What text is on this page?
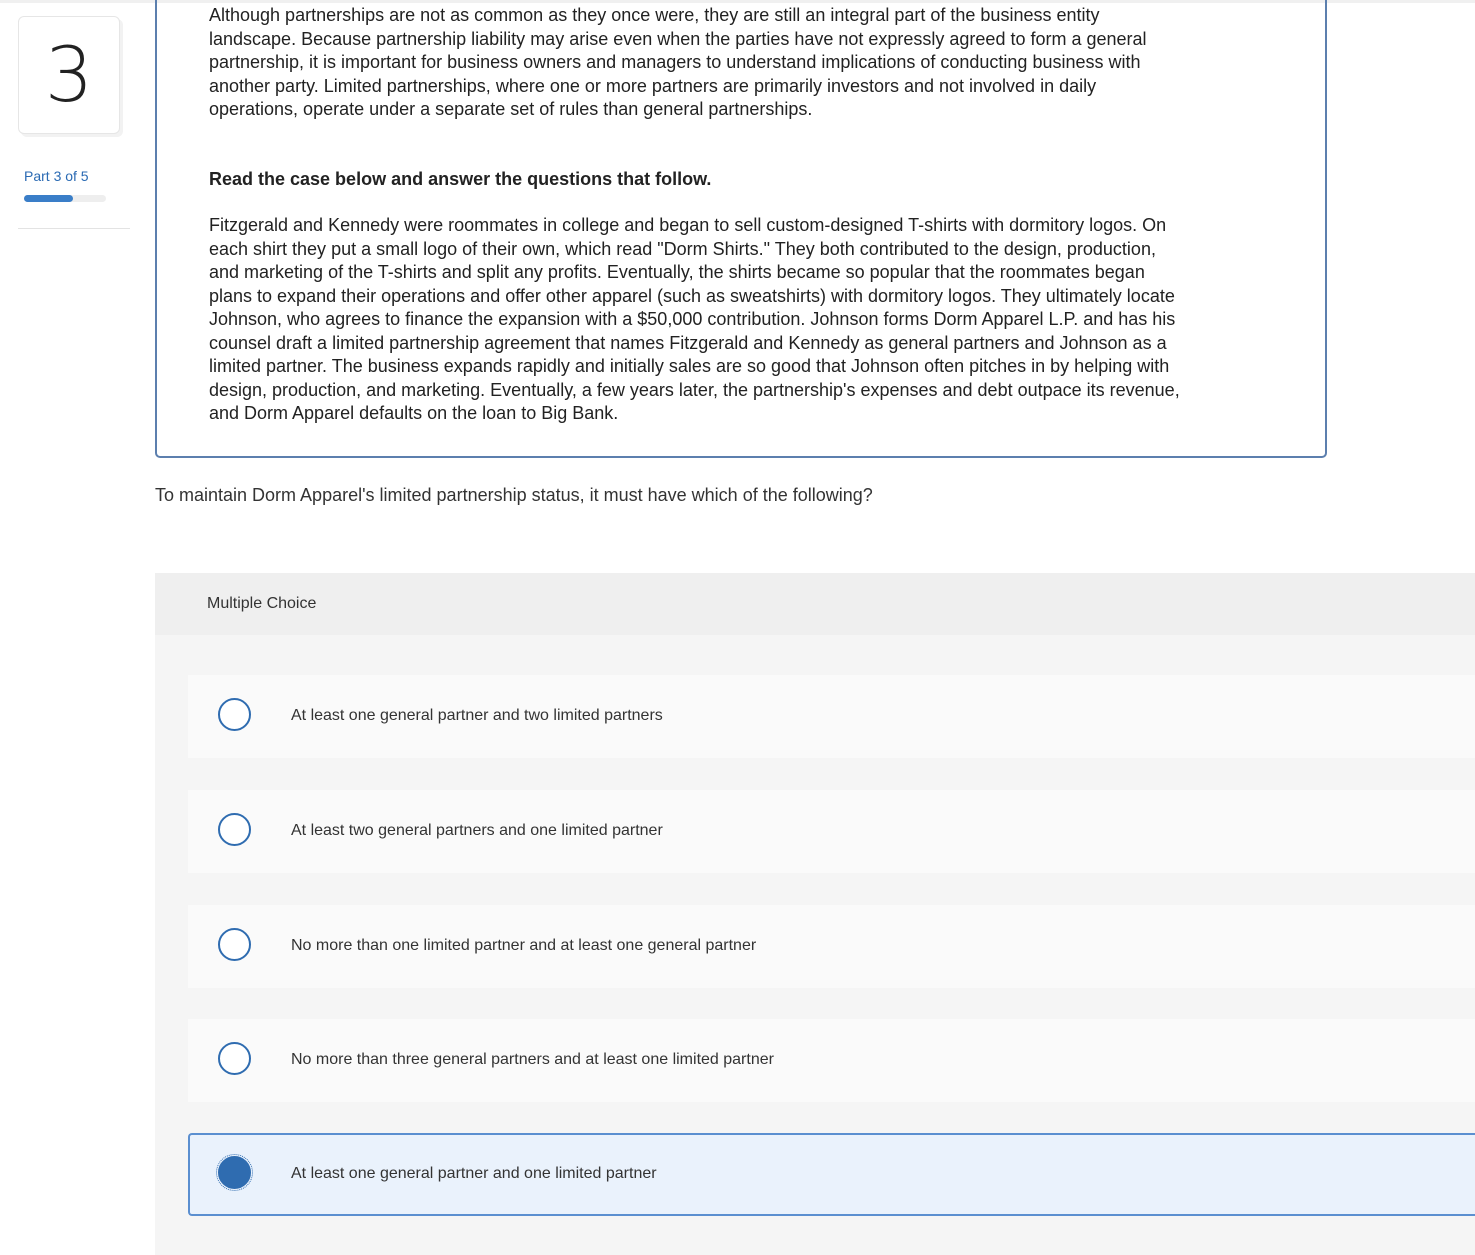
3
Part 3 of 5
Although partnerships are not as common as they once were, they are still an integral part of the business entity
landscape. Because partnership liability may arise even when the parties have not expressly agreed to form a general
partnership, it is important for business owners and managers to understand implications of conducting business with
another party. Limited partnerships, where one or more partners are primarily investors and not involved in daily
operations, operate under a separate set of rules than general partnerships.
Read the case below and answer the questions that follow.
Fitzgerald and Kennedy were roommates in college and began to sell custom-designed T-shirts with dormitory logos. On
each shirt they put a small logo of their own, which read "Dorm Shirts." They both contributed to the design, production,
and marketing of the T-shirts and split any profits. Eventually, the shirts became so popular that the roommates began
plans to expand their operations and offer other apparel (such as sweatshirts) with dormitory logos. They ultimately locate
Johnson, who agrees to finance the expansion with a $50,000 contribution. Johnson forms Dorm Apparel L.P. and has his
counsel draft a limited partnership agreement that names Fitzgerald and Kennedy as general partners and Johnson as a
limited partner. The business expands rapidly and initially sales are so good that Johnson often pitches in by helping with
design, production, and marketing. Eventually, a few years later, the partnership's expenses and debt outpace its revenue,
and Dorm Apparel defaults on the loan to Big Bank.
To maintain Dorm Apparel's limited partnership status, it must have which of the following?
Multiple Choice
At least one general partner and two limited partners
At least two general partners and one limited partner
No more than one limited partner and at least one general partner
No more than three general partners and at least one limited partner
At least one general partner and one limited partner
